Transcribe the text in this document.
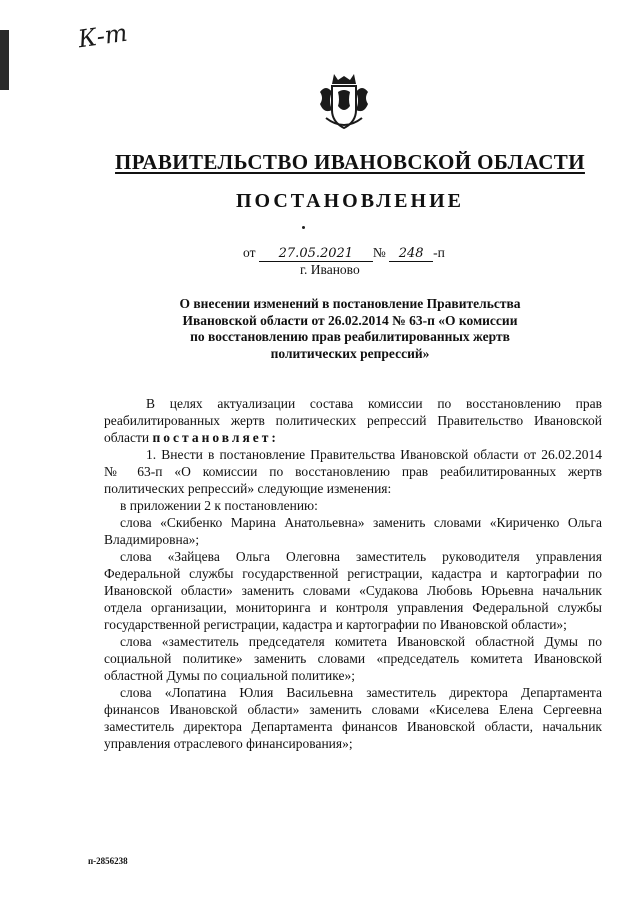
К-т
ПРАВИТЕЛЬСТВО ИВАНОВСКОЙ ОБЛАСТИ
ПОСТАНОВЛЕНИЕ
от 27.05.2021 № 248 -п
г. Иваново
О внесении изменений в постановление Правительства
Ивановской области от 26.02.2014 № 63-п «О комиссии
по восстановлению прав реабилитированных жертв
политических репрессий»

В целях актуализации состава комиссии по восстановлению прав реабилитированных жертв политических репрессий Правительство Ивановской области постановляет:

1. Внести в постановление Правительства Ивановской области от 26.02.2014 № 63-п «О комиссии по восстановлению прав реабилитированных жертв политических репрессий» следующие изменения:

в приложении 2 к постановлению:

слова «Скибенко Марина Анатольевна» заменить словами «Кириченко Ольга Владимировна»;

слова «Зайцева Ольга Олеговна заместитель руководителя управления Федеральной службы государственной регистрации, кадастра и картографии по Ивановской области» заменить словами «Судакова Любовь Юрьевна начальник отдела организации, мониторинга и контроля управления Федеральной службы государственной регистрации, кадастра и картографии по Ивановской области»;

слова «заместитель председателя комитета Ивановской областной Думы по социальной политике» заменить словами «председатель комитета Ивановской областной Думы по социальной политике»;

слова «Лопатина Юлия Васильевна заместитель директора Департамента финансов Ивановской области» заменить словами «Киселева Елена Сергеевна заместитель директора Департамента финансов Ивановской области, начальник управления отраслевого финансирования»;

п-2856238
